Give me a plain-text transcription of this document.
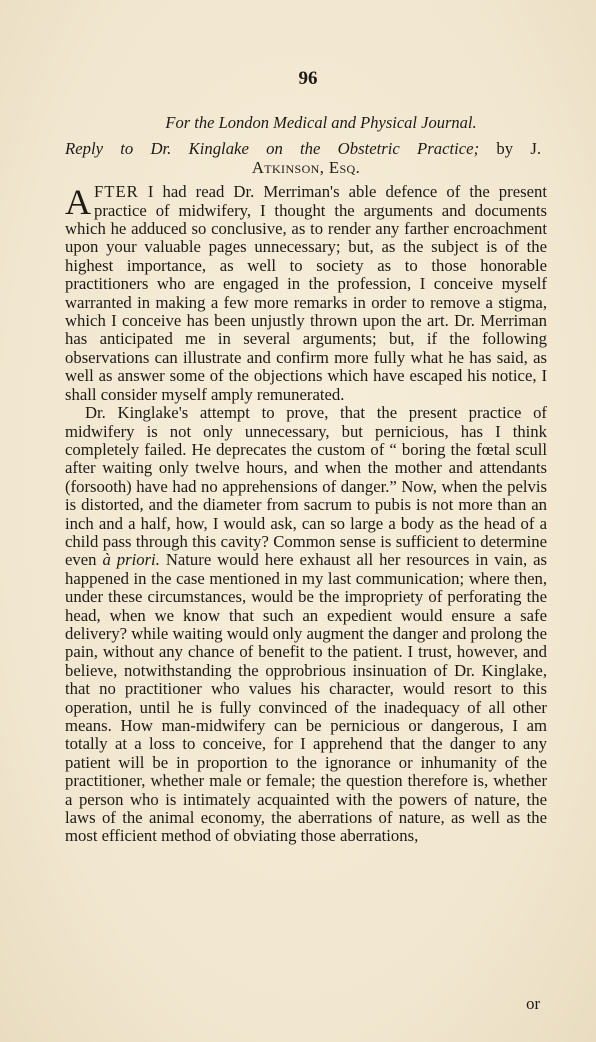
96
For the London Medical and Physical Journal.
Reply to Dr. Kinglake on the Obstetric Practice; by J.
Atkinson, Esq.

AFTER I had read Dr. Merriman's able defence of the present practice of midwifery, I thought the arguments and documents which he adduced so conclusive, as to render any farther encroachment upon your valuable pages unnecessary; but, as the subject is of the highest importance, as well to society as to those honorable practitioners who are engaged in the profession, I conceive myself warranted in making a few more remarks in order to remove a stigma, which I conceive has been unjustly thrown upon the art. Dr. Merriman has anticipated me in several arguments; but, if the following observations can illustrate and confirm more fully what he has said, as well as answer some of the objections which have escaped his notice, I shall consider myself amply remunerated.

Dr. Kinglake's attempt to prove, that the present practice of midwifery is not only unnecessary, but pernicious, has I think completely failed. He deprecates the custom of “ boring the fœtal scull after waiting only twelve hours, and when the mother and attendants (forsooth) have had no apprehensions of danger.” Now, when the pelvis is distorted, and the diameter from sacrum to pubis is not more than an inch and a half, how, I would ask, can so large a body as the head of a child pass through this cavity? Common sense is sufficient to determine even à priori. Nature would here exhaust all her resources in vain, as happened in the case mentioned in my last communication; where then, under these circumstances, would be the impropriety of perforating the head, when we know that such an expedient would ensure a safe delivery? while waiting would only augment the danger and prolong the pain, without any chance of benefit to the patient. I trust, however, and believe, notwithstanding the opprobrious insinuation of Dr. Kinglake, that no practitioner who values his character, would resort to this operation, until he is fully convinced of the inadequacy of all other means. How man-midwifery can be pernicious or dangerous, I am totally at a loss to conceive, for I apprehend that the danger to any patient will be in proportion to the ignorance or inhumanity of the practitioner, whether male or female; the question therefore is, whether a person who is intimately acquainted with the powers of nature, the laws of the animal economy, the aberrations of nature, as well as the most efficient method of obviating those aberrations,

or
